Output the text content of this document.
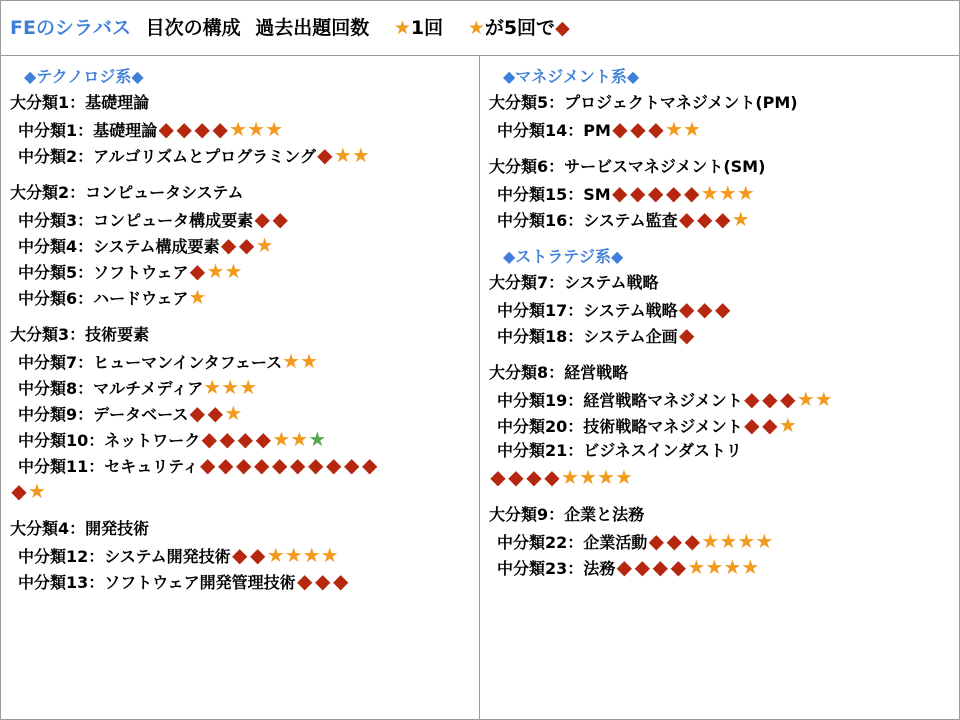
FEのシラバス 目次の構成 過去出題回数 ★1回 ★が5回で◆
◆テクノロジ系◆
大分類1：基礎理論
中分類1：基礎理論◆ ◆ ◆ ◆★★★
中分類2：アルゴリズムとプログラミング◆★★
大分類2：コンピュータシステム
中分類3：コンピュータ構成要素◆ ◆
中分類4：システム構成要素◆ ◆★
中分類5：ソフトウェア◆★★
中分類6：ハードウェア★
大分類3：技術要素
中分類7：ヒューマンインタフェース★★
中分類8：マルチメディア★★★
中分類9：データベース◆ ◆★
中分類10：ネットワーク◆ ◆ ◆ ◆★★★
中分類11：セキュリティ◆ ◆ ◆ ◆ ◆ ◆ ◆ ◆ ◆ ◆
◆★
大分類4：開発技術
中分類12：システム開発技術◆ ◆★★★★
中分類13：ソフトウェア開発管理技術◆ ◆ ◆
◆マネジメント系◆
大分類5：プロジェクトマネジメント(PM)
中分類14：PM◆ ◆ ◆★★
大分類6：サービスマネジメント(SM)
中分類15：SM◆ ◆ ◆ ◆ ◆★★★
中分類16：システム監査◆ ◆ ◆★
◆ストラテジ系◆
大分類7：システム戦略
中分類17：システム戦略◆ ◆ ◆
中分類18：システム企画◆
大分類8：経営戦略
中分類19：経営戦略マネジメント◆ ◆ ◆★★
中分類20：技術戦略マネジメント◆ ◆★
中分類21：ビジネスインダストリ
◆ ◆ ◆ ◆★★★★
大分類9：企業と法務
中分類22：企業活動◆ ◆ ◆★★★★
中分類23：法務◆ ◆ ◆ ◆★★★★
